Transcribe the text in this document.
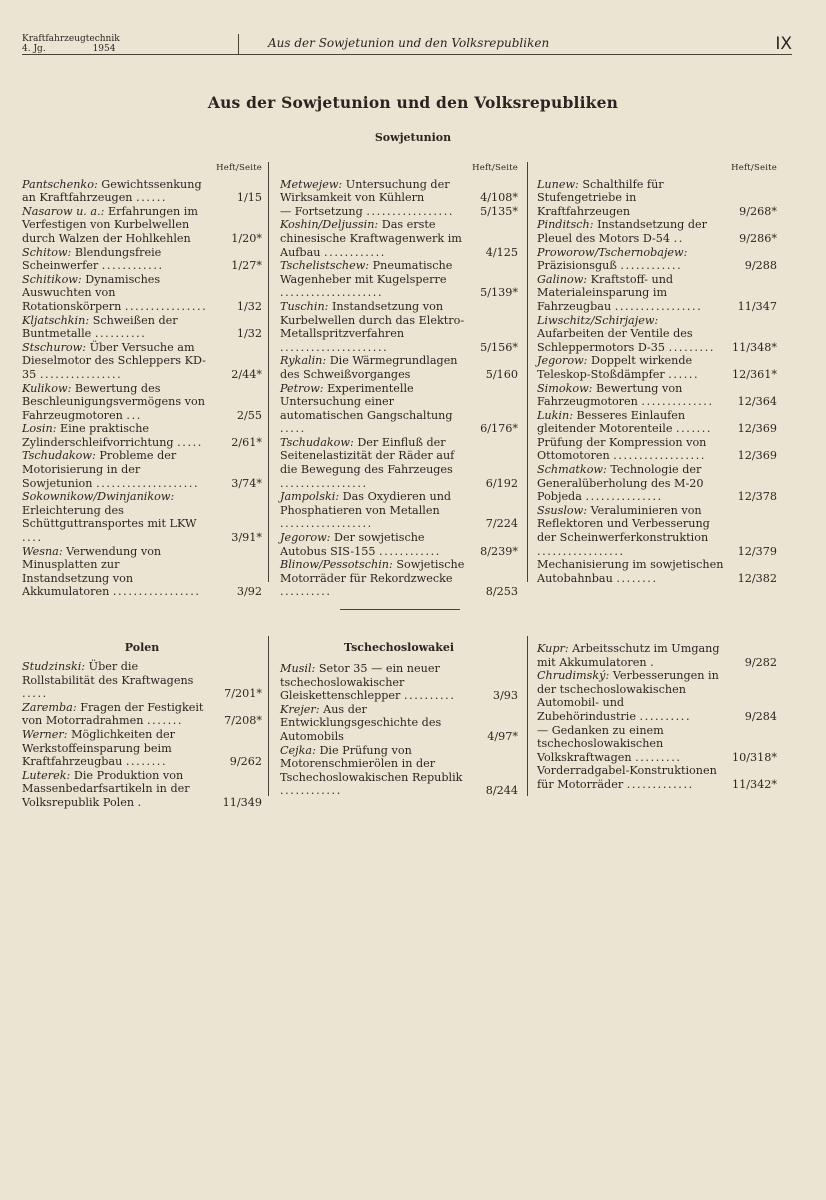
Kraftfahrzeugtechnik
4. Jg.	1954	Aus der Sowjetunion und den Volksrepubliken	IX
Aus der Sowjetunion und den Volksrepubliken
Sowjetunion
Heft/Seite
Pantschenko: Gewichtssenkung an Kraftfahrzeugen ......	1/15
Nasarow u. a.: Erfahrungen im Verfestigen von Kurbelwellen durch Walzen der Hohlkehlen	1/20*
Schitow: Blendungsfreie Scheinwerfer ............	1/27*
Schitikow: Dynamisches Auswuchten von Rotationskörpern ................	1/32
Kljatschkin: Schweißen der Buntmetalle ..........	1/32
Stschurow: Über Versuche am Dieselmotor des Schleppers KD-35 ................	2/44*
Kulikow: Bewertung des Beschleunigungsvermögens von Fahrzeugmotoren ...	2/55
Losin: Eine praktische Zylinderschleifvorrichtung .....	2/61*
Tschudakow: Probleme der Motorisierung in der Sowjetunion ....................	3/74*
Sokownikow/Dwinjanikow: Erleichterung des Schüttguttransportes mit LKW ....	3/91*
Wesna: Verwendung von Minusplatten zur Instandsetzung von Akkumulatoren .................	3/92
Heft/Seite
Metwejew: Untersuchung der Wirksamkeit von Kühlern	4/108*
— Fortsetzung .................	5/135*
Koshin/Deljussin: Das erste chinesische Kraftwagenwerk im Aufbau ............	4/125
Tschelistschew: Pneumatische Wagenheber mit Kugelsperre ....................	5/139*
Tuschin: Instandsetzung von Kurbelwellen durch das Elektro-Metallspritzverfahren .....................	5/156*
Rykalin: Die Wärmegrundlagen des Schweißvorganges	5/160
Petrow: Experimentelle Untersuchung einer automatischen Gangschaltung .....	6/176*
Tschudakow: Der Einfluß der Seitenelastizität der Räder auf die Bewegung des Fahrzeuges .................	6/192
Jampolski: Das Oxydieren und Phosphatieren von Metallen ..................	7/224
Jegorow: Der sowjetische Autobus SIS-155 ............	8/239*
Blinow/Pessotschin: Sowjetische Motorräder für Rekordzwecke ..........	8/253
Heft/Seite
Lunew: Schalthilfe für Stufengetriebe in Kraftfahrzeugen	9/268*
Pinditsch: Instandsetzung der Pleuel des Motors D-54 ..	9/286*
Proworow/Tschernobajew: Präzisionsguß ............	9/288
Galinow: Kraftstoff- und Materialeinsparung im Fahrzeugbau .................	11/347
Liwschitz/Schirjajew: Aufarbeiten der Ventile des Schleppermotors D-35 .........	11/348*
Jegorow: Doppelt wirkende Teleskop-Stoßdämpfer ......	12/361*
Simokow: Bewertung von Fahrzeugmotoren ..............	12/364
Lukin: Besseres Einlaufen gleitender Motorenteile .......	12/369
Prüfung der Kompression von Ottomotoren ..................	12/369
Schmatkow: Technologie der Generalüberholung des M-20 Pobjeda ...............	12/378
Ssuslow: Veraluminieren von Reflektoren und Verbesserung der Scheinwerferkonstruktion .................	12/379
Mechanisierung im sowjetischen Autobahnbau ........	12/382
Polen	Tschechoslowakei
Studzinski: Über die Rollstabilität des Kraftwagens .....	7/201*
Zaremba: Fragen der Festigkeit von Motorradrahmen .......	7/208*
Werner: Möglichkeiten der Werkstoffeinsparung beim Kraftfahrzeugbau ........	9/262
Luterek: Die Produktion von Massenbedarfsartikeln in der Volksrepublik Polen .	11/349
Musil: Setor 35 — ein neuer tschechoslowakischer Gleiskettenschlepper ..........	3/93
Krejer: Aus der Entwicklungsgeschichte des Automobils	4/97*
Cejka: Die Prüfung von Motorenschmierölen in der Tschechoslowakischen Republik ............	8/244
Kupr: Arbeitsschutz im Umgang mit Akkumulatoren .	9/282
Chrudimský: Verbesserungen in der tschechoslowakischen Automobil- und Zubehörindustrie ..........	9/284
— Gedanken zu einem tschechoslowakischen Volkskraftwagen .........	10/318*
Vorderradgabel-Konstruktionen für Motorräder .............	11/342*
